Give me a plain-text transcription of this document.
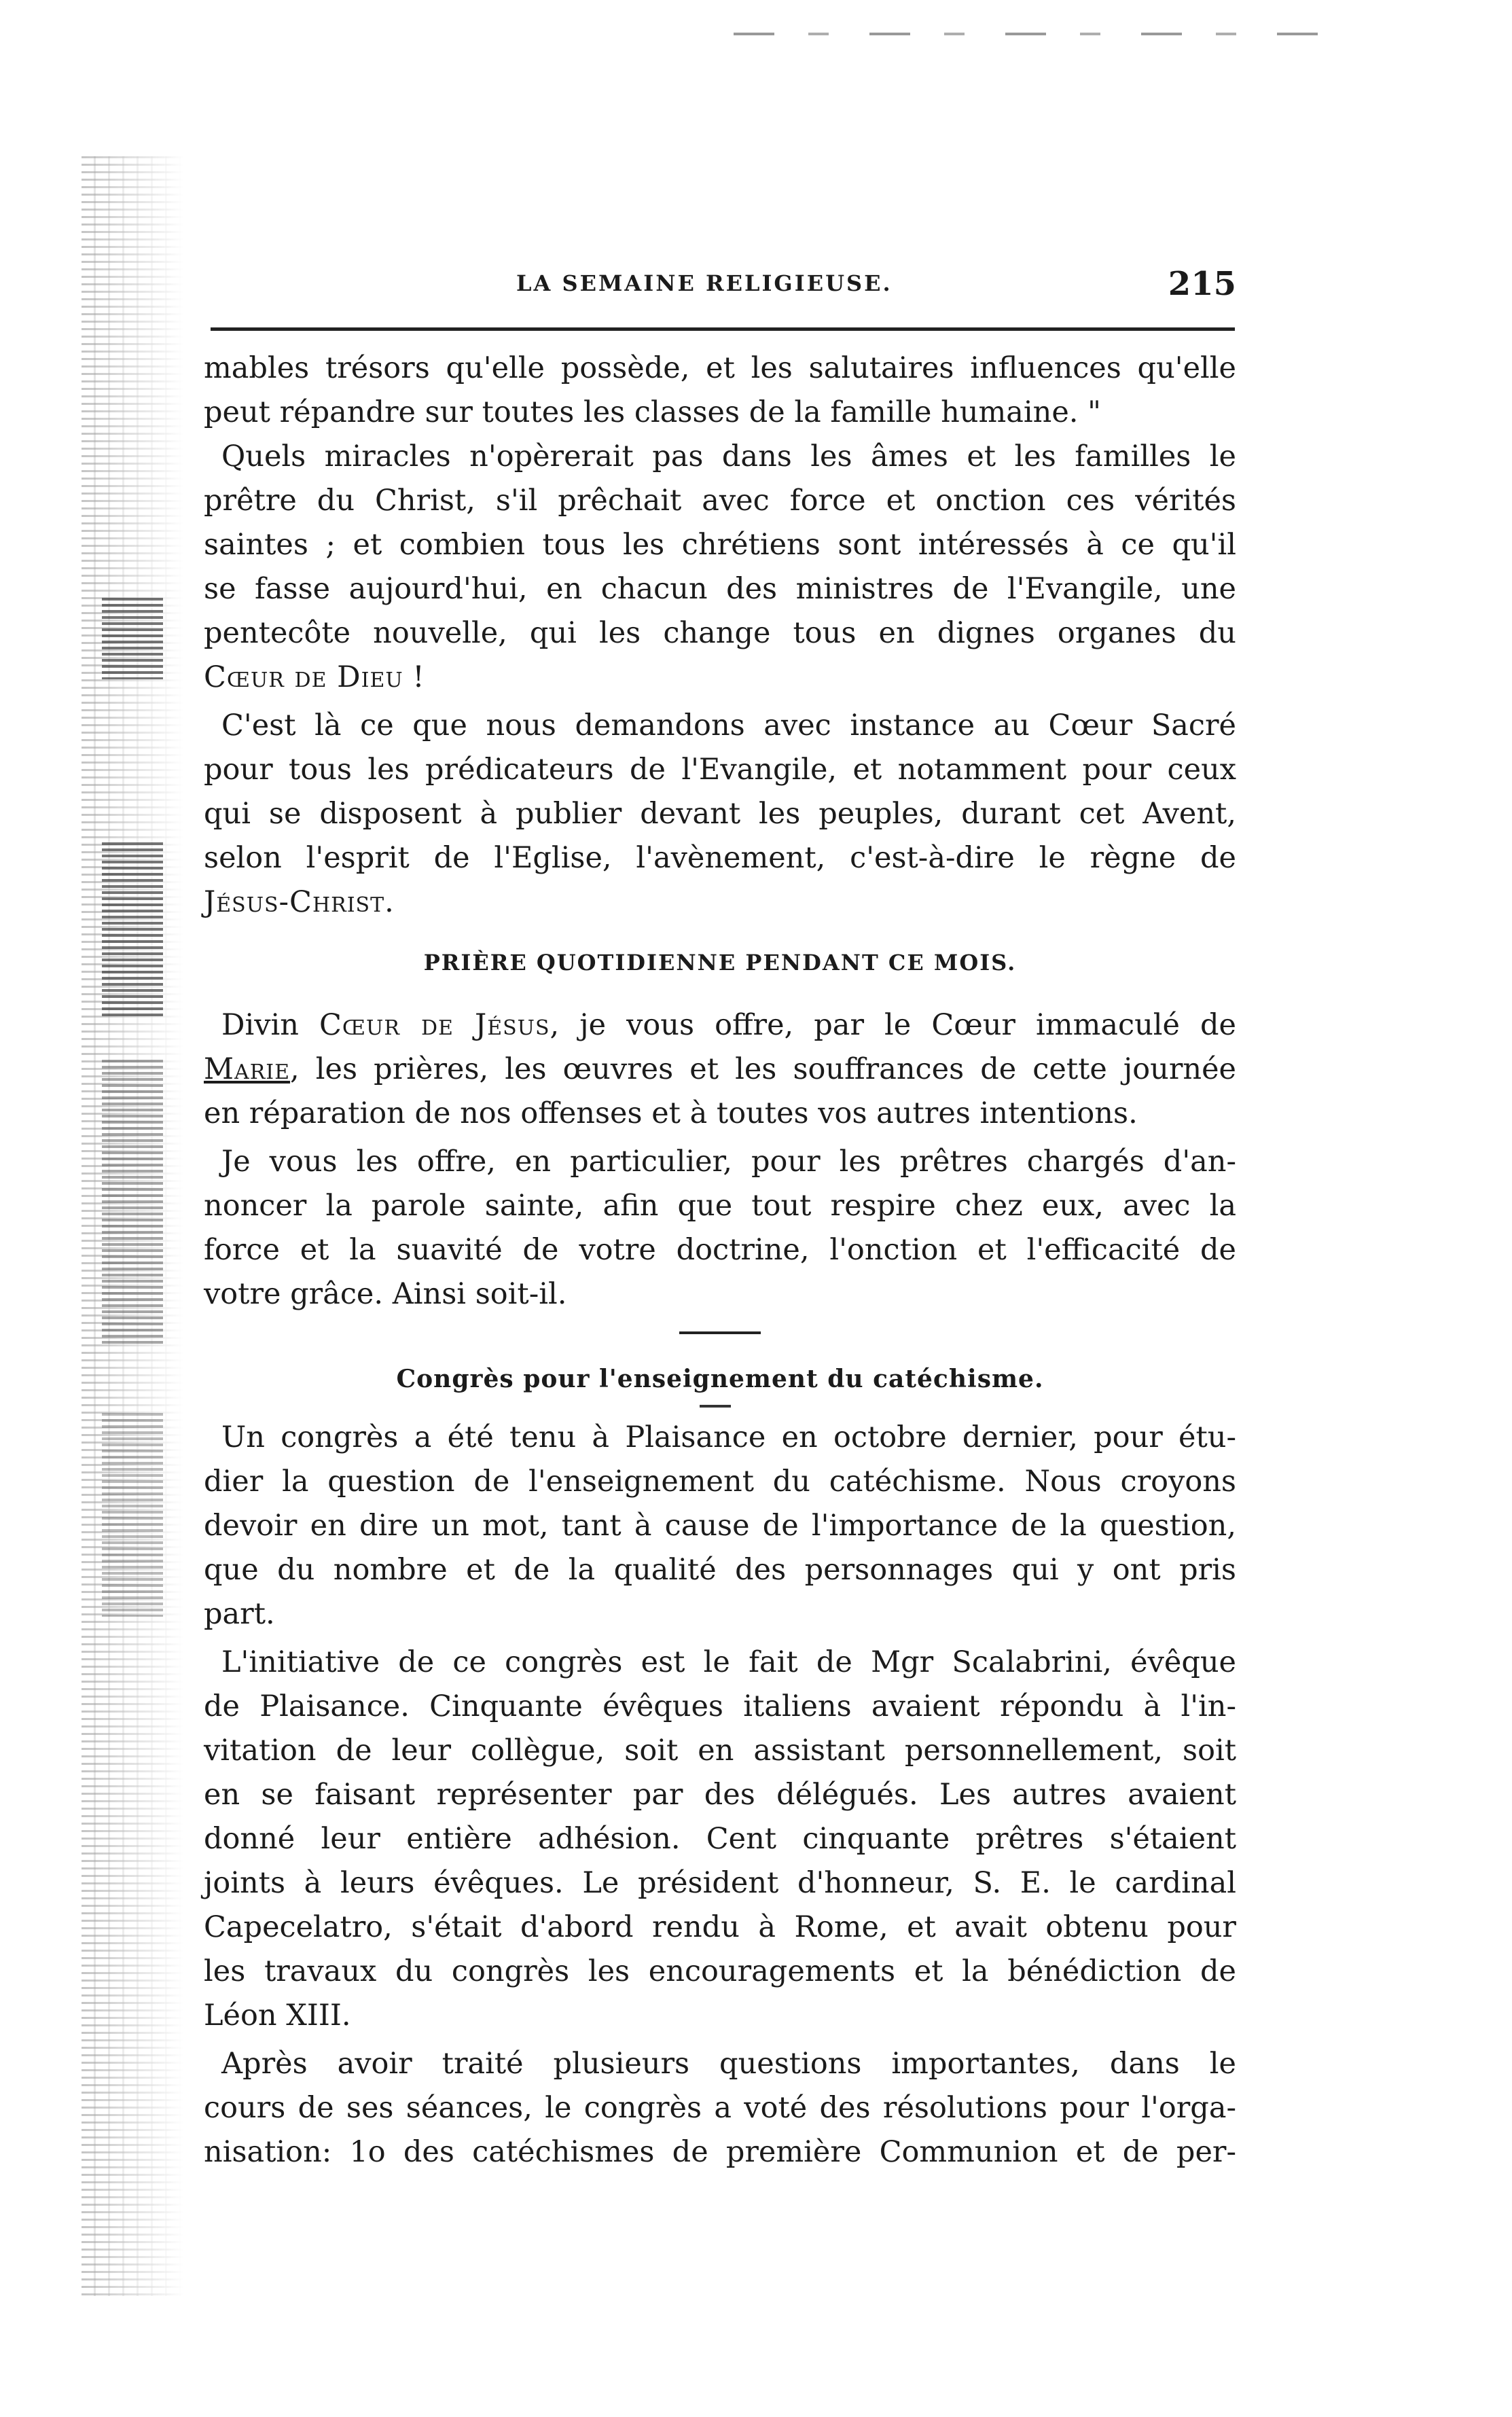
LA SEMAINE RELIGIEUSE.	215
mables trésors qu'elle possède, et les salutaires influences qu'elle
peut répandre sur toutes les classes de la famille humaine. "
Quels miracles n'opèrerait pas dans les âmes et les familles le
prêtre du Christ, s'il prêchait avec force et onction ces vérités
saintes ; et combien tous les chrétiens sont intéressés à ce qu'il
se fasse aujourd'hui, en chacun des ministres de l'Evangile, une
pentecôte nouvelle, qui les change tous en dignes organes du
Cœur de Dieu !
C'est là ce que nous demandons avec instance au Cœur Sacré
pour tous les prédicateurs de l'Evangile, et notamment pour ceux
qui se disposent à publier devant les peuples, durant cet Avent,
selon l'esprit de l'Eglise, l'avènement, c'est-à-dire le règne de
Jésus-Christ.
PRIÈRE QUOTIDIENNE PENDANT CE MOIS.
Divin Cœur de Jésus, je vous offre, par le Cœur immaculé de
Marie, les prières, les œuvres et les souffrances de cette journée
en réparation de nos offenses et à toutes vos autres intentions.
Je vous les offre, en particulier, pour les prêtres chargés d'an-
noncer la parole sainte, afin que tout respire chez eux, avec la
force et la suavité de votre doctrine, l'onction et l'efficacité de
votre grâce. Ainsi soit-il.
Congrès pour l'enseignement du catéchisme.
Un congrès a été tenu à Plaisance en octobre dernier, pour étu-
dier la question de l'enseignement du catéchisme. Nous croyons
devoir en dire un mot, tant à cause de l'importance de la question,
que du nombre et de la qualité des personnages qui y ont pris
part.
L'initiative de ce congrès est le fait de Mgr Scalabrini, évêque
de Plaisance. Cinquante évêques italiens avaient répondu à l'in-
vitation de leur collègue, soit en assistant personnellement, soit
en se faisant représenter par des délégués. Les autres avaient
donné leur entière adhésion. Cent cinquante prêtres s'étaient
joints à leurs évêques. Le président d'honneur, S. E. le cardinal
Capecelatro, s'était d'abord rendu à Rome, et avait obtenu pour
les travaux du congrès les encouragements et la bénédiction de
Léon XIII.
Après avoir traité plusieurs questions importantes, dans le
cours de ses séances, le congrès a voté des résolutions pour l'orga-
nisation: 1o des catéchismes de première Communion et de per-
